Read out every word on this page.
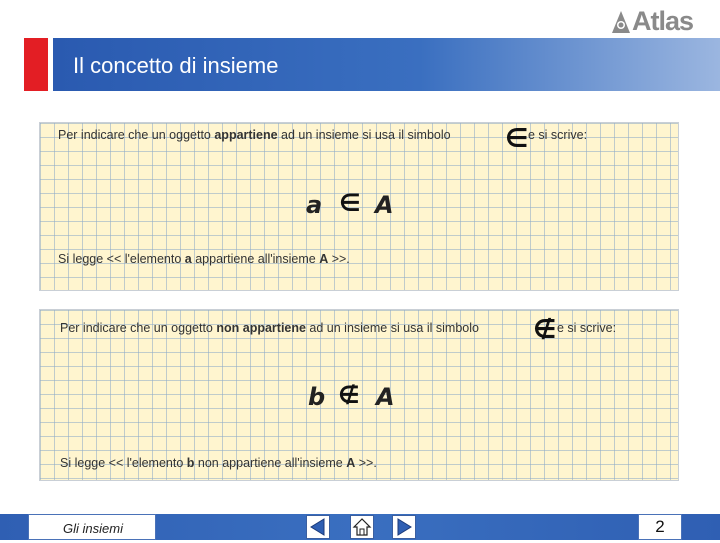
Atlas
Il concetto di insieme
Per indicare che un oggetto appartiene ad un insieme si usa il simbolo ∈ e si scrive:
a ∈ A
Si legge << l'elemento a appartiene all'insieme A >>.
Per indicare che un oggetto non appartiene ad un insieme si usa il simbolo ∉ e si scrive:
b ∉ A
Si legge << l'elemento b non appartiene all'insieme A >>.
Gli insiemi	2
